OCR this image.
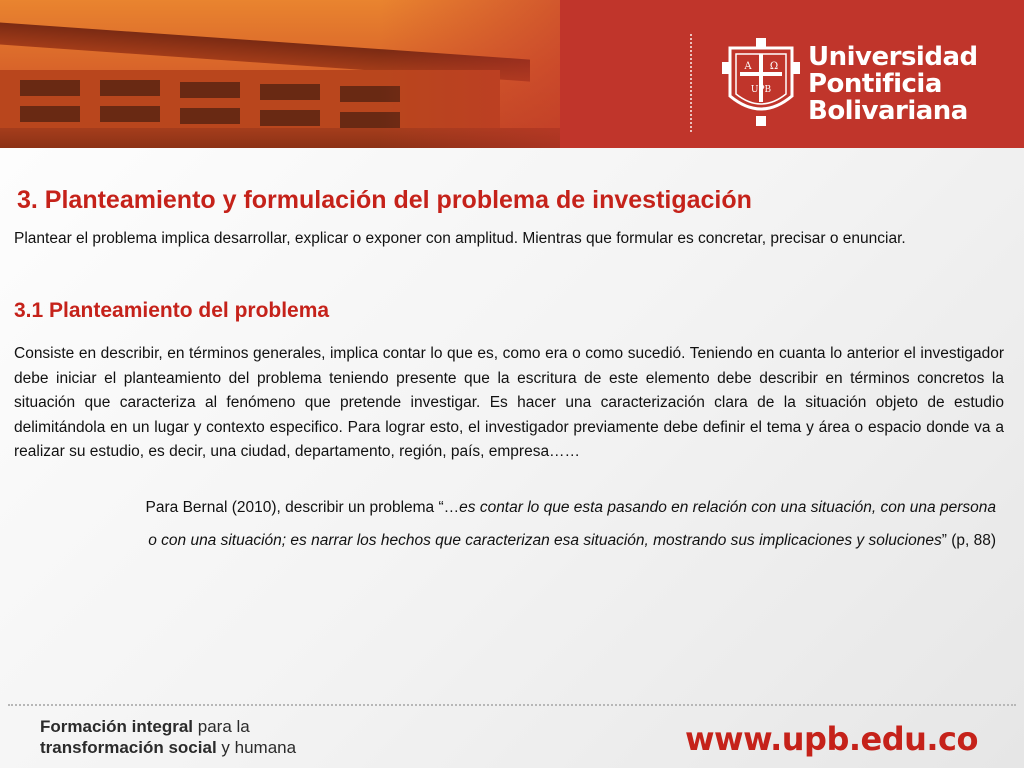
A Ω
UPB
Universidad
Pontificia
Bolivariana
3. Planteamiento y formulación del problema de investigación

Plantear el problema implica desarrollar, explicar o exponer con amplitud. Mientras que formular es concretar, precisar o enunciar.

3.1 Planteamiento del problema

Consiste en describir, en términos generales, implica contar lo que es, como era o como sucedió. Teniendo en cuanta lo anterior el investigador debe iniciar el planteamiento del problema teniendo presente que la escritura de este elemento debe describir en términos concretos la situación que caracteriza al fenómeno que pretende investigar. Es hacer una caracterización clara de la situación objeto de estudio delimitándola en un lugar y contexto especifico. Para lograr esto, el investigador previamente debe definir el tema y área o espacio donde va a realizar su estudio, es decir, una ciudad, departamento, región, país, empresa……

Para Bernal (2010), describir un problema “…es contar lo que esta pasando en relación con una situación, con una persona
o con una situación; es narrar los hechos que caracterizan esa situación, mostrando sus implicaciones y soluciones” (p, 88)
Formación integral para la
transformación social y humana	www.upb.edu.co
